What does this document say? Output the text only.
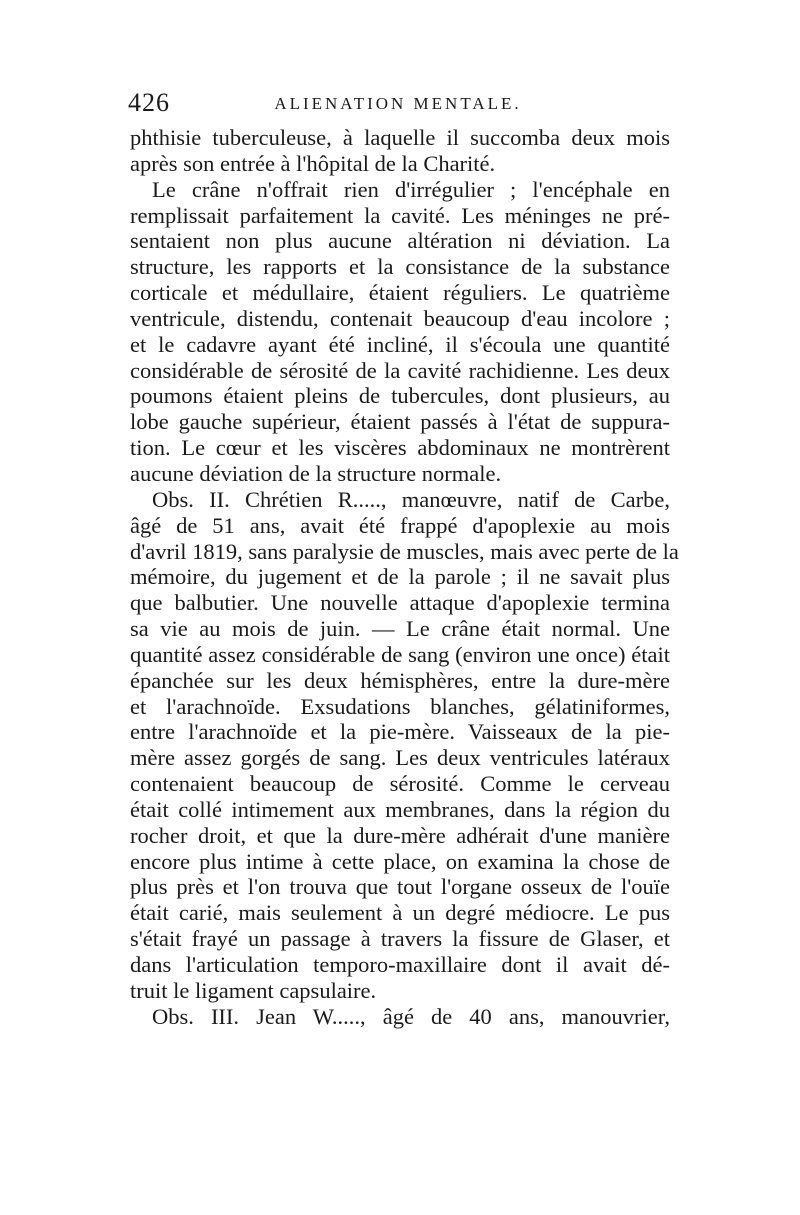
426	ALIENATION MENTALE.
phthisie tuberculeuse, à laquelle il succomba deux mois
après son entrée à l'hôpital de la Charité.
Le crâne n'offrait rien d'irrégulier ; l'encéphale en
remplissait parfaitement la cavité. Les méninges ne pré-
sentaient non plus aucune altération ni déviation. La
structure, les rapports et la consistance de la substance
corticale et médullaire, étaient réguliers. Le quatrième
ventricule, distendu, contenait beaucoup d'eau incolore ;
et le cadavre ayant été incliné, il s'écoula une quantité
considérable de sérosité de la cavité rachidienne. Les deux
poumons étaient pleins de tubercules, dont plusieurs, au
lobe gauche supérieur, étaient passés à l'état de suppura-
tion. Le cœur et les viscères abdominaux ne montrèrent
aucune déviation de la structure normale.
Obs. II. Chrétien R....., manœuvre, natif de Carbe,
âgé de 51 ans, avait été frappé d'apoplexie au mois
d'avril 1819, sans paralysie de muscles, mais avec perte de la
mémoire, du jugement et de la parole ; il ne savait plus
que balbutier. Une nouvelle attaque d'apoplexie termina
sa vie au mois de juin. — Le crâne était normal. Une
quantité assez considérable de sang (environ une once) était
épanchée sur les deux hémisphères, entre la dure-mère
et l'arachnoïde. Exsudations blanches, gélatiniformes,
entre l'arachnoïde et la pie-mère. Vaisseaux de la pie-
mère assez gorgés de sang. Les deux ventricules latéraux
contenaient beaucoup de sérosité. Comme le cerveau
était collé intimement aux membranes, dans la région du
rocher droit, et que la dure-mère adhérait d'une manière
encore plus intime à cette place, on examina la chose de
plus près et l'on trouva que tout l'organe osseux de l'ouïe
était carié, mais seulement à un degré médiocre. Le pus
s'était frayé un passage à travers la fissure de Glaser, et
dans l'articulation temporo-maxillaire dont il avait dé-
truit le ligament capsulaire.
Obs. III. Jean W....., âgé de 40 ans, manouvrier,
